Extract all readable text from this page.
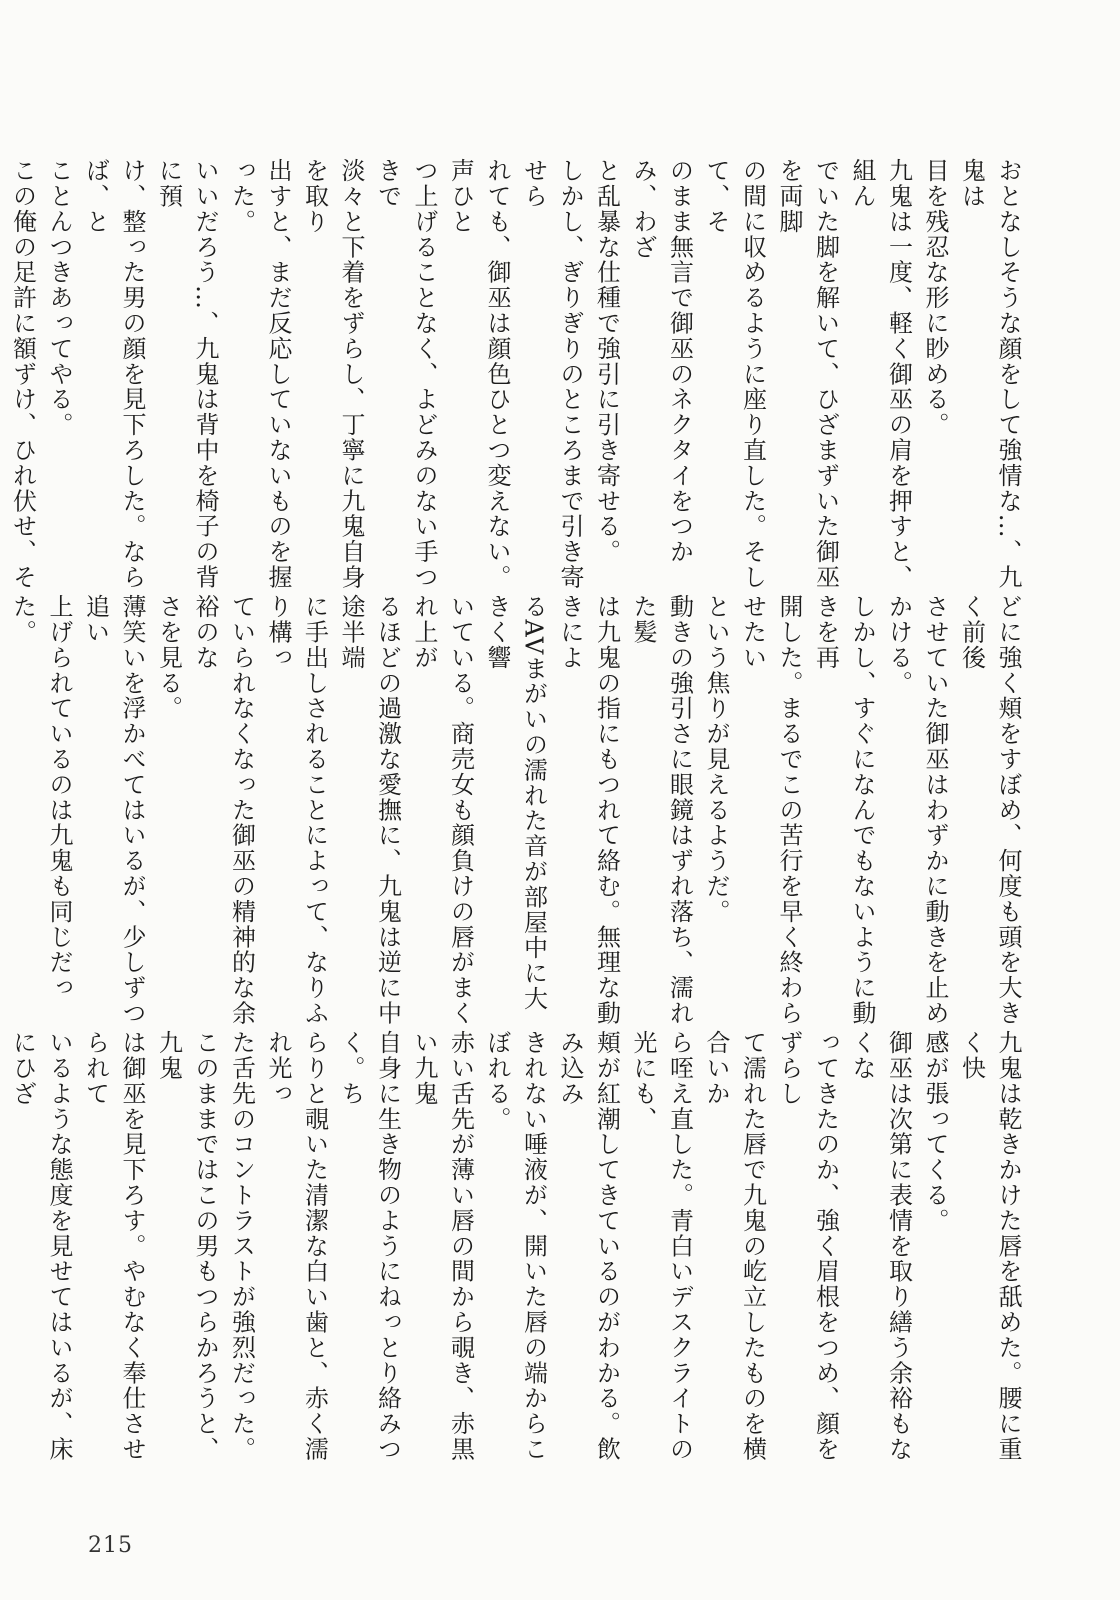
おとなしそうな顔をして強情な…、九鬼は

目を残忍な形に眇める。

九鬼は一度、軽く御巫の肩を押すと、組ん

でいた脚を解いて、ひざまずいた御巫を両脚

の間に収めるように座り直した。そして、そ

のまま無言で御巫のネクタイをつかみ、わざ

と乱暴な仕種で強引に引き寄せる。

しかし、ぎりぎりのところまで引き寄せら

れても、御巫は顔色ひとつ変えない。声ひと

つ上げることなく、よどみのない手つきで

淡々と下着をずらし、丁寧に九鬼自身を取り

出すと、まだ反応していないものを握った。

いいだろう…、九鬼は背中を椅子の背に預

け、整った男の顔を見下ろした。ならば、と

ことんつきあってやる。

この俺の足許に額ずけ、ひれ伏せ、そ

どに強く頬をすぼめ、何度も頭を大きく前後

させていた御巫はわずかに動きを止めかける。

しかし、すぐになんでもないように動きを再

開した。まるでこの苦行を早く終わらせたい

という焦りが見えるようだ。

動きの強引さに眼鏡はずれ落ち、濡れた髪

は九鬼の指にもつれて絡む。無理な動きによ

るAVまがいの濡れた音が部屋中に大きく響

いている。商売女も顔負けの唇がまくれ上が

るほどの過激な愛撫に、九鬼は逆に中途半端

に手出しされることによって、なりふり構っ

ていられなくなった御巫の精神的な余裕のな

さを見る。

薄笑いを浮かべてはいるが、少しずつ追い

上げられているのは九鬼も同じだった。

九鬼は乾きかけた唇を舐めた。腰に重く快

感が張ってくる。

御巫は次第に表情を取り繕う余裕もなくな

ってきたのか、強く眉根をつめ、顔をずらし

て濡れた唇で九鬼の屹立したものを横合いか

ら咥え直した。青白いデスクライトの光にも、

頬が紅潮してきているのがわかる。飲み込み

きれない唾液が、開いた唇の端からこぼれる。

赤い舌先が薄い唇の間から覗き、赤黒い九鬼

自身に生き物のようにねっとり絡みつく。ち

らりと覗いた清潔な白い歯と、赤く濡れ光っ

た舌先のコントラストが強烈だった。

このままではこの男もつらかろうと、九鬼

は御巫を見下ろす。やむなく奉仕させられて

いるような態度を見せてはいるが、床にひざ

215
